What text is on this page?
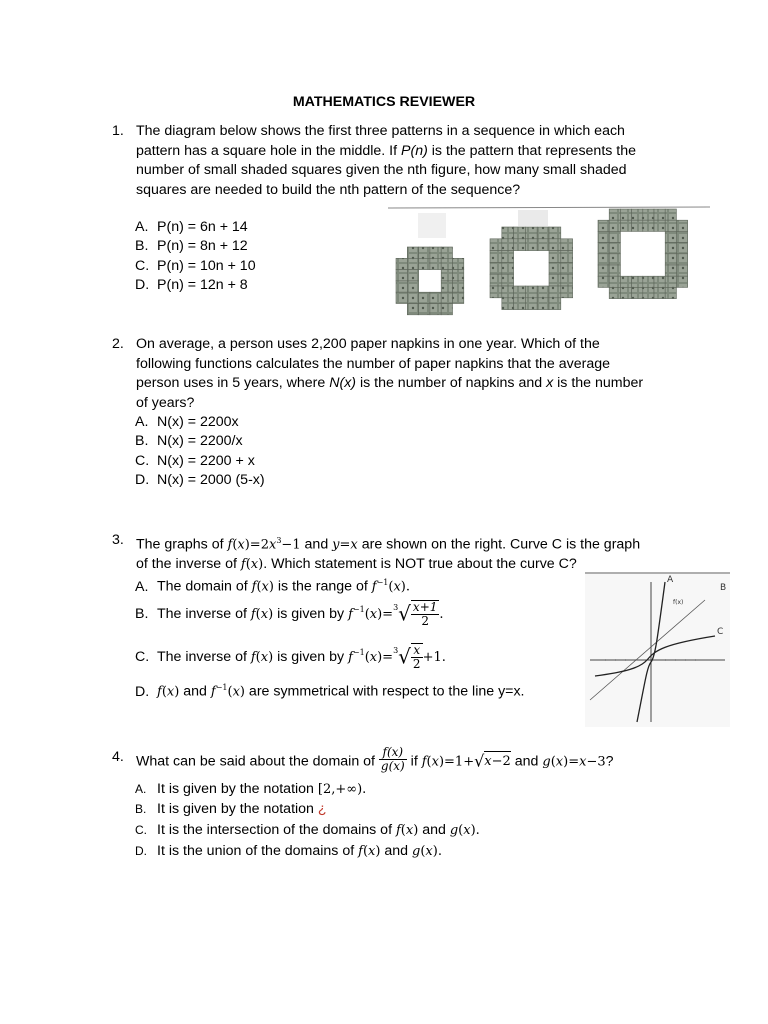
MATHEMATICS REVIEWER
1. The diagram below shows the first three patterns in a sequence in which each
pattern has a square hole in the middle. If P(n) is the pattern that represents the
number of small shaded squares given the nth figure, how many small shaded
squares are needed to build the nth pattern of the sequence?
A. P(n) = 6n + 14
B. P(n) = 8n + 12
C. P(n) = 10n + 10
D. P(n) = 12n + 8
2. On average, a person uses 2,200 paper napkins in one year. Which of the
following functions calculates the number of paper napkins that the average
person uses in 5 years, where N(x) is the number of napkins and x is the number
of years?
A. N(x) = 2200x
B. N(x) = 2200/x
C. N(x) = 2200 + x
D. N(x) = 2000 (5-x)
3. The graphs of $f(x)=2x^3-1$ and y=x are shown on the right. Curve C is the graph
of the inverse of f(x). Which statement is NOT true about the curve C?
A. The domain of f(x) is the range of $f^{-1}(x)$.
B. The inverse of f(x) is given by $f^{-1}(x)=^3√ \frac{x+1}{2}$ .
C. The inverse of f(x) is given by $f^{-1}(x)=^3√ \frac{x}{2} +1$.
D. f(x) and $f^{-1}(x)$ are symmetrical with respect to the line y=x.
A
B
C
f(x)
4. What can be said about the domain of $\frac{f(x)}{g(x)}$ if f(x)=1+√x−2 and g(x)=x−3?
A. It is given by the notation [2,+∞).
B. It is given by the notation ¿
C. It is the intersection of the domains of f(x) and g(x).
D. It is the union of the domains of f(x) and g(x).
